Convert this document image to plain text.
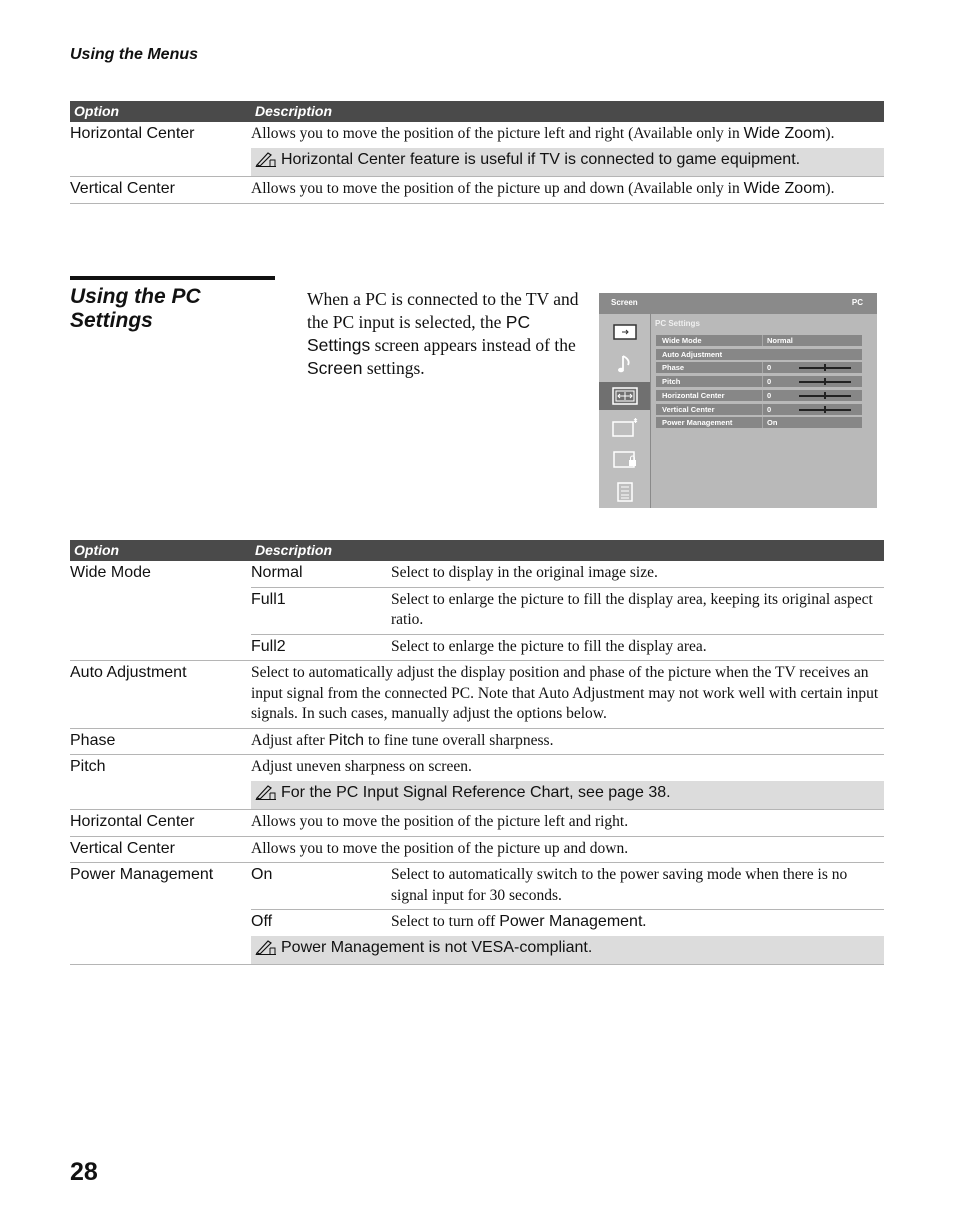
Using the Menus
Option	Description
Horizontal Center	Allows you to move the position of the picture left and right (Available only in Wide Zoom).
	Horizontal Center feature is useful if TV is connected to game equipment.
Vertical Center	Allows you to move the position of the picture up and down (Available only in Wide Zoom).
Using the PC Settings
When a PC is connected to the TV and the PC input is selected, the PC Settings screen appears instead of the Screen settings.
Screen	PC
PC Settings
Wide Mode	Normal
Auto Adjustment
Phase	0
Pitch	0
Horizontal Center	0
Vertical Center	0
Power Management	On
Option	Description	
Wide Mode	Normal	Select to display in the original image size.
	Full1	Select to enlarge the picture to fill the display area, keeping its original aspect ratio.
	Full2	Select to enlarge the picture to fill the display area.
Auto Adjustment	Select to automatically adjust the display position and phase of the picture when the TV receives an input signal from the connected PC. Note that Auto Adjustment may not work well with certain input signals. In such cases, manually adjust the options below.	
Phase	Adjust after Pitch to fine tune overall sharpness.	
Pitch	Adjust uneven sharpness on screen.	
	For the PC Input Signal Reference Chart, see page 38.	
Horizontal Center	Allows you to move the position of the picture left and right.	
Vertical Center	Allows you to move the position of the picture up and down.	
Power Management	On	Select to automatically switch to the power saving mode when there is no signal input for 30 seconds.
	Off	Select to turn off Power Management.
	Power Management is not VESA-compliant.	
28
